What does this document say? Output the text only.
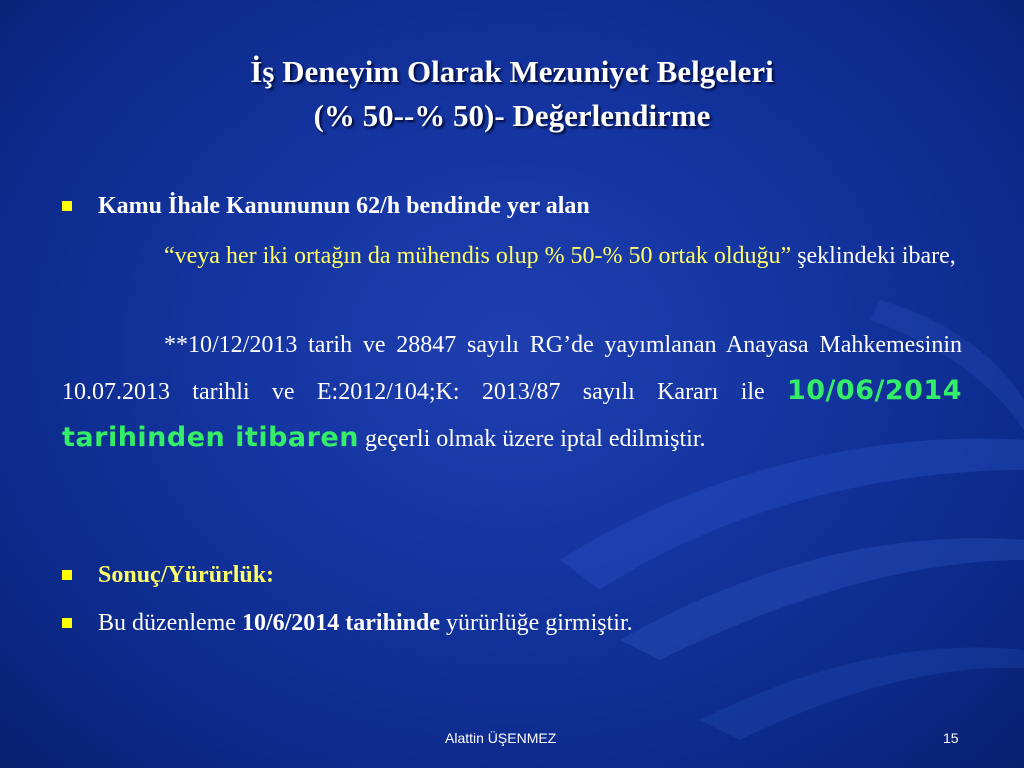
İş Deneyim Olarak Mezuniyet Belgeleri
(% 50--% 50)- Değerlendirme
Kamu İhale Kanununun 62/h bendinde yer alan
“veya her iki ortağın da mühendis olup % 50-% 50 ortak olduğu” şeklindeki ibare,
**10/12/2013 tarih ve 28847 sayılı RG’de yayımlanan Anayasa Mahkemesinin 10.07.2013 tarihli ve E:2012/104;K: 2013/87 sayılı Kararı ile 10/06/2014 tarihinden itibaren geçerli olmak üzere iptal edilmiştir.
Sonuç/Yürürlük:
Bu düzenleme 10/6/2014 tarihinde yürürlüğe girmiştir.
Alattin ÜŞENMEZ	15
